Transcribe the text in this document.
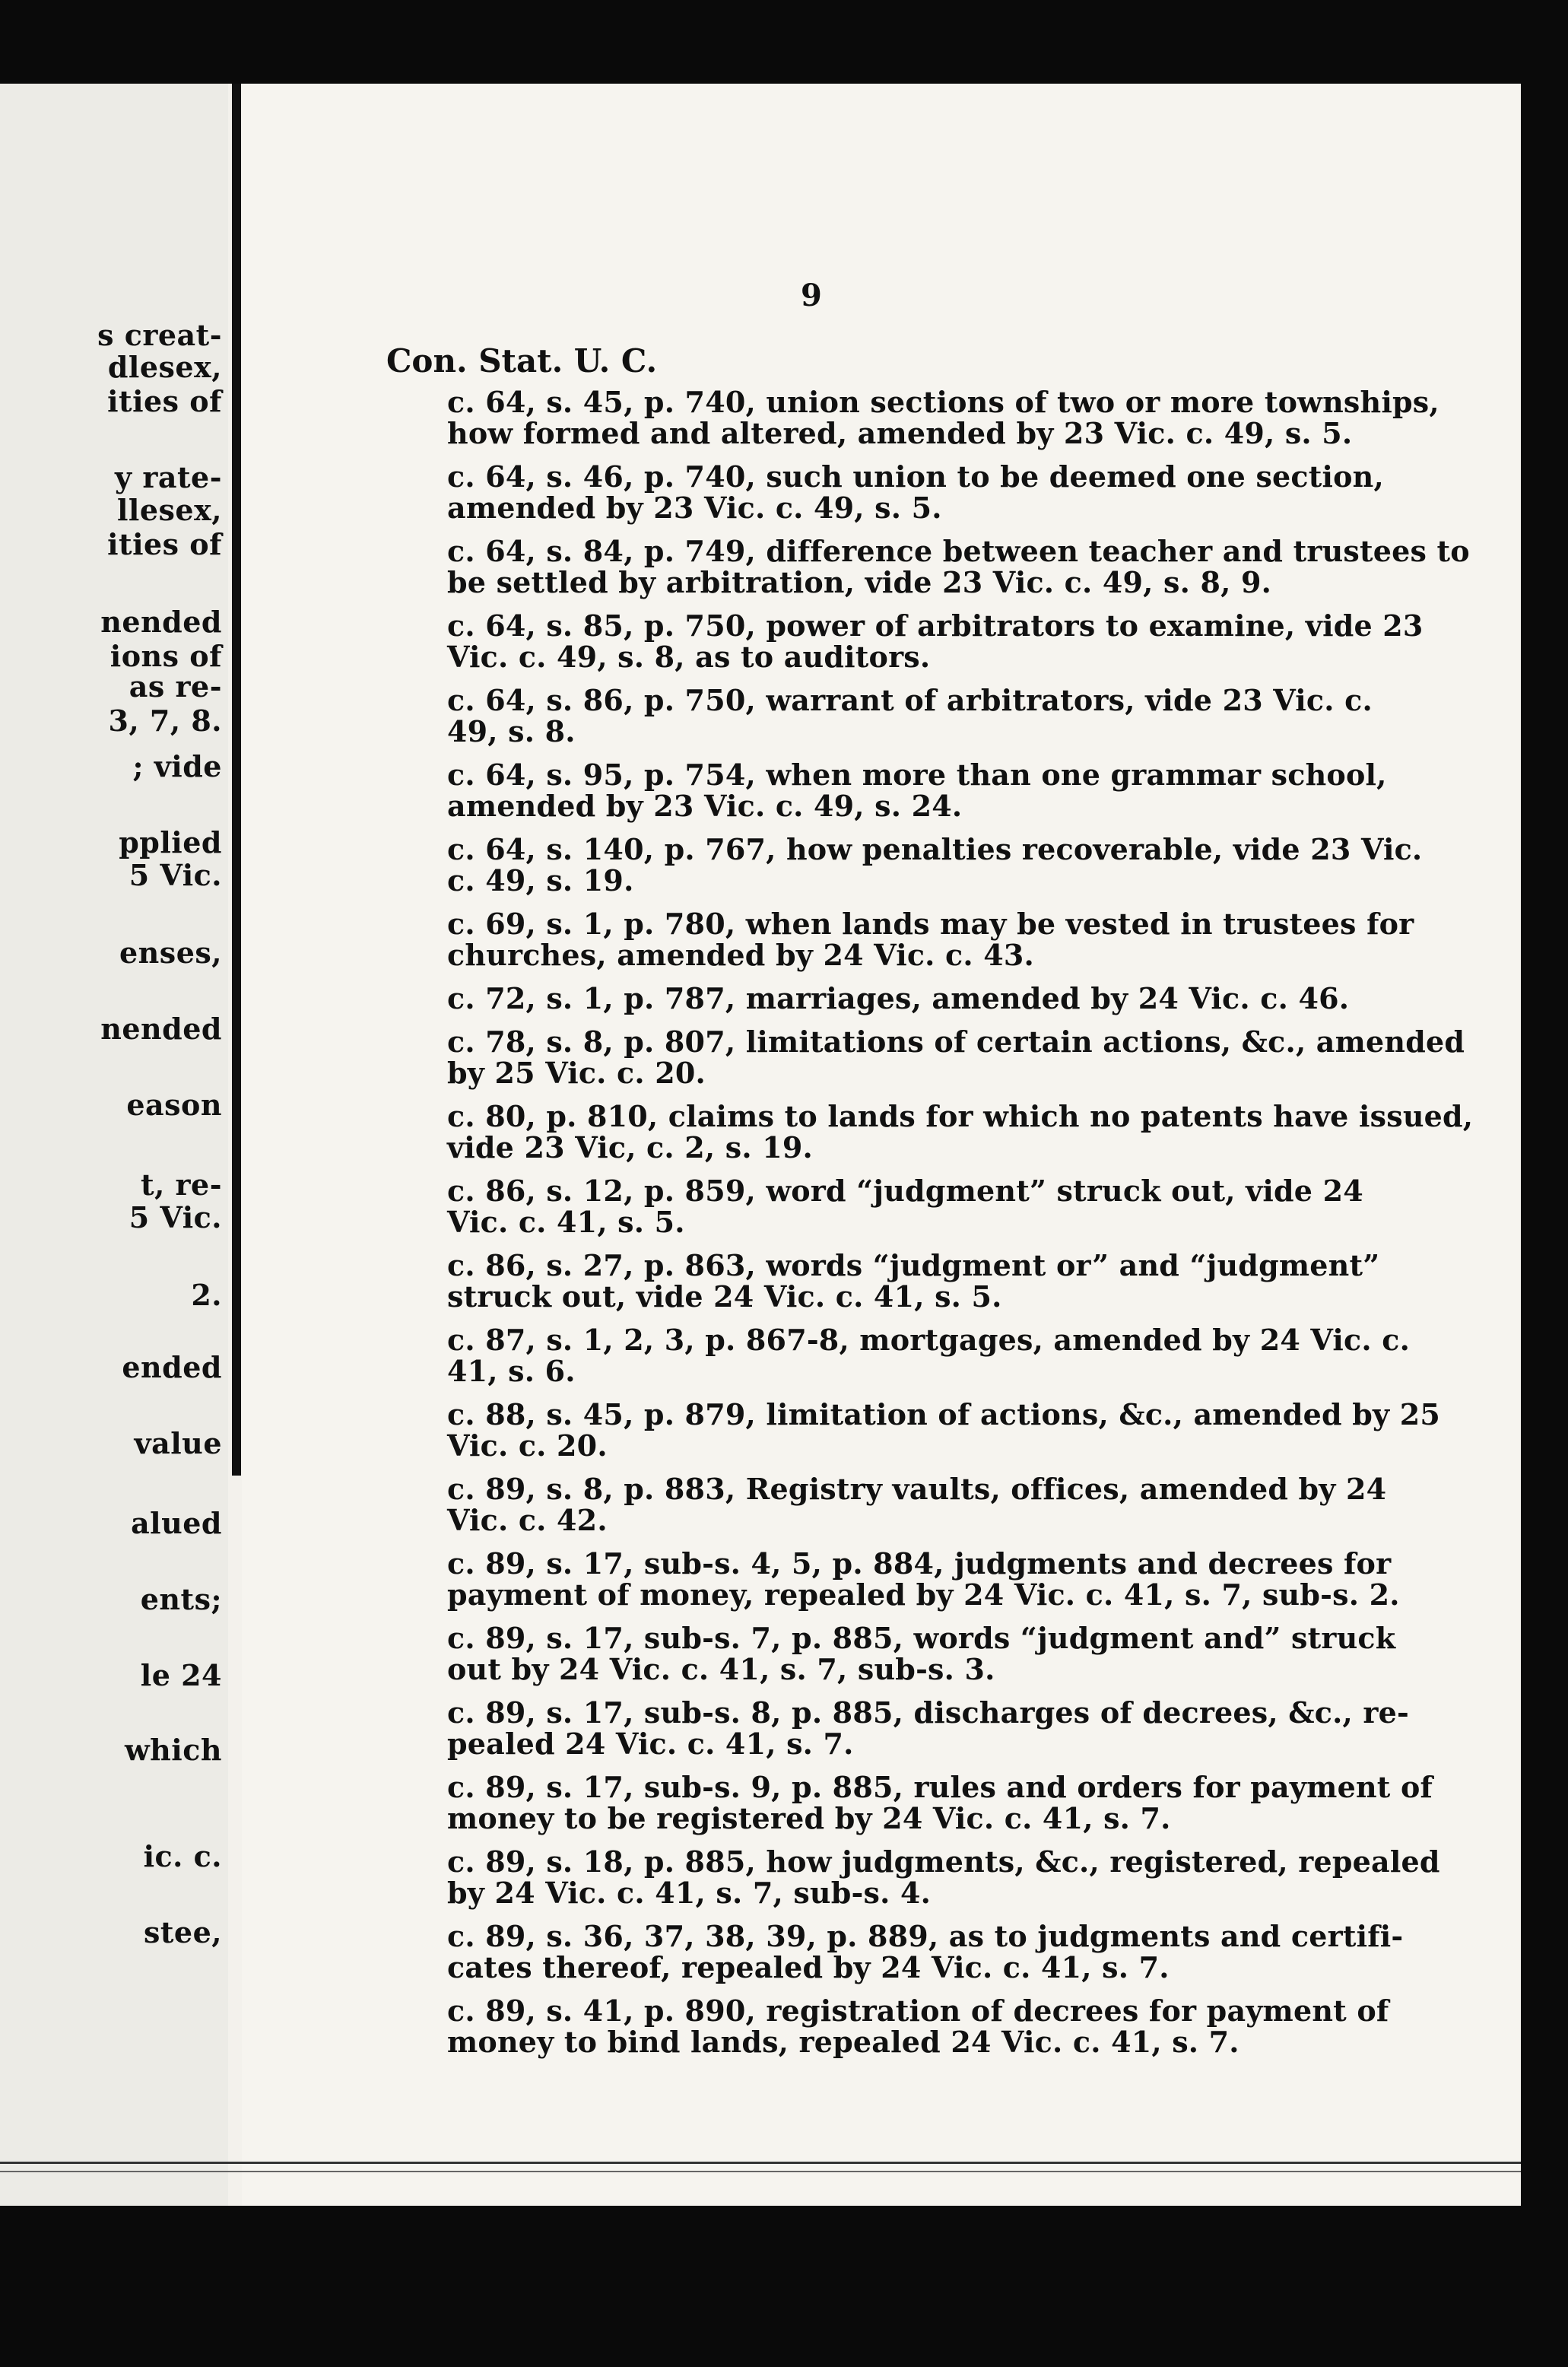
s creat-
dlesex,
ities of
y rate-
llesex,
ities of
nended
ions of
as re-
3, 7, 8.
; vide
pplied
5 Vic.
enses,
nended
eason
t, re-
5 Vic.
2.
ended
value
alued
ents;
le 24
which
ic. c.
stee,
9
Con. Stat. U. C.
c. 64, s. 45, p. 740, union sections of two or more townships,
how formed and altered, amended by 23 Vic. c. 49, s. 5.
c. 64, s. 46, p. 740, such union to be deemed one section,
amended by 23 Vic. c. 49, s. 5.
c. 64, s. 84, p. 749, difference between teacher and trustees to
be settled by arbitration, vide 23 Vic. c. 49, s. 8, 9.
c. 64, s. 85, p. 750, power of arbitrators to examine, vide 23
Vic. c. 49, s. 8, as to auditors.
c. 64, s. 86, p. 750, warrant of arbitrators, vide 23 Vic. c.
49, s. 8.
c. 64, s. 95, p. 754, when more than one grammar school,
amended by 23 Vic. c. 49, s. 24.
c. 64, s. 140, p. 767, how penalties recoverable, vide 23 Vic.
c. 49, s. 19.
c. 69, s. 1, p. 780, when lands may be vested in trustees for
churches, amended by 24 Vic. c. 43.
c. 72, s. 1, p. 787, marriages, amended by 24 Vic. c. 46.
c. 78, s. 8, p. 807, limitations of certain actions, &c., amended
by 25 Vic. c. 20.
c. 80, p. 810, claims to lands for which no patents have issued,
vide 23 Vic, c. 2, s. 19.
c. 86, s. 12, p. 859, word “judgment” struck out, vide 24
Vic. c. 41, s. 5.
c. 86, s. 27, p. 863, words “judgment or” and “judgment”
struck out, vide 24 Vic. c. 41, s. 5.
c. 87, s. 1, 2, 3, p. 867-8, mortgages, amended by 24 Vic. c.
41, s. 6.
c. 88, s. 45, p. 879, limitation of actions, &c., amended by 25
Vic. c. 20.
c. 89, s. 8, p. 883, Registry vaults, offices, amended by 24
Vic. c. 42.
c. 89, s. 17, sub-s. 4, 5, p. 884, judgments and decrees for
payment of money, repealed by 24 Vic. c. 41, s. 7, sub-s. 2.
c. 89, s. 17, sub-s. 7, p. 885, words “judgment and” struck
out by 24 Vic. c. 41, s. 7, sub-s. 3.
c. 89, s. 17, sub-s. 8, p. 885, discharges of decrees, &c., re-
pealed 24 Vic. c. 41, s. 7.
c. 89, s. 17, sub-s. 9, p. 885, rules and orders for payment of
money to be registered by 24 Vic. c. 41, s. 7.
c. 89, s. 18, p. 885, how judgments, &c., registered, repealed
by 24 Vic. c. 41, s. 7, sub-s. 4.
c. 89, s. 36, 37, 38, 39, p. 889, as to judgments and certifi-
cates thereof, repealed by 24 Vic. c. 41, s. 7.
c. 89, s. 41, p. 890, registration of decrees for payment of
money to bind lands, repealed 24 Vic. c. 41, s. 7.
